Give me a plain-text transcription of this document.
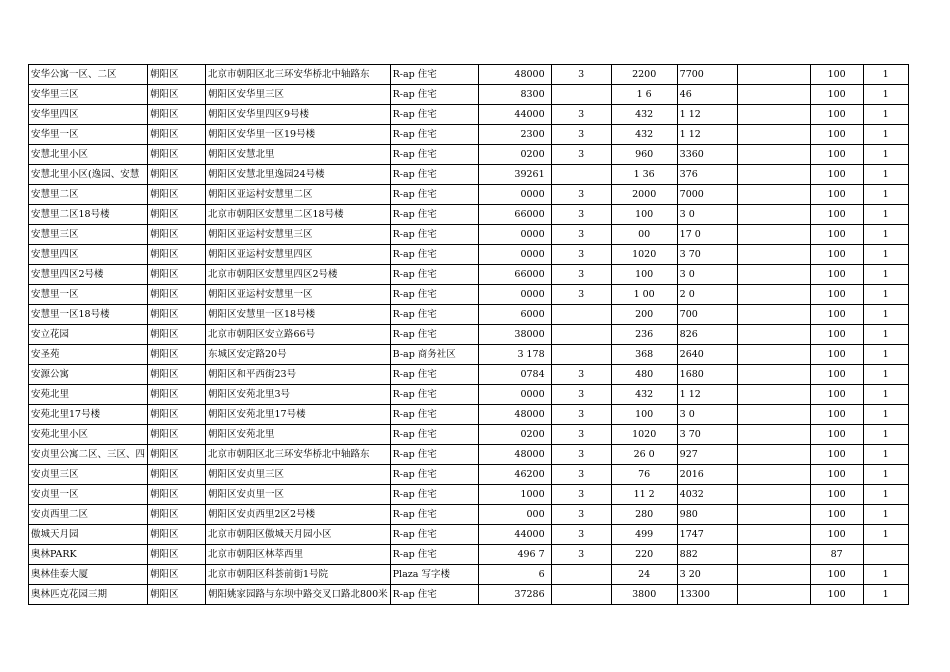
安华公寓一区、二区	朝阳区	北京市朝阳区北三环安华桥北中轴路东	R-ap 住宅	48000	3	2200	7700		100	1
安华里三区	朝阳区	朝阳区安华里三区	R-ap 住宅	8300		1 6	46		100	1
安华里四区	朝阳区	朝阳区安华里四区9号楼	R-ap 住宅	44000	3	432	1 12		100	1
安华里一区	朝阳区	朝阳区安华里一区19号楼	R-ap 住宅	2300	3	432	1 12		100	1
安慧北里小区	朝阳区	朝阳区安慧北里	R-ap 住宅	0200	3	960	3360		100	1
安慧北里小区(逸园、安慧	朝阳区	朝阳区安慧北里逸园24号楼	R-ap 住宅	39261		1 36	376		100	1
安慧里二区	朝阳区	朝阳区亚运村安慧里二区	R-ap 住宅	0000	3	2000	7000		100	1
安慧里二区18号楼	朝阳区	北京市朝阳区安慧里二区18号楼	R-ap 住宅	66000	3	100	3 0		100	1
安慧里三区	朝阳区	朝阳区亚运村安慧里三区	R-ap 住宅	0000	3	00	17 0		100	1
安慧里四区	朝阳区	朝阳区亚运村安慧里四区	R-ap 住宅	0000	3	1020	3 70		100	1
安慧里四区2号楼	朝阳区	北京市朝阳区安慧里四区2号楼	R-ap 住宅	66000	3	100	3 0		100	1
安慧里一区	朝阳区	朝阳区亚运村安慧里一区	R-ap 住宅	0000	3	1 00	2 0		100	1
安慧里一区18号楼	朝阳区	朝阳区安慧里一区18号楼	R-ap 住宅	6000		200	700		100	1
安立花园	朝阳区	北京市朝阳区安立路66号	R-ap 住宅	38000		236	826		100	1
安圣苑	朝阳区	东城区安定路20号	B-ap 商务社区	3 178		368	2640		100	1
安源公寓	朝阳区	朝阳区和平西街23号	R-ap 住宅	0784	3	480	1680		100	1
安苑北里	朝阳区	朝阳区安苑北里3号	R-ap 住宅	0000	3	432	1 12		100	1
安苑北里17号楼	朝阳区	朝阳区安苑北里17号楼	R-ap 住宅	48000	3	100	3 0		100	1
安苑北里小区	朝阳区	朝阳区安苑北里	R-ap 住宅	0200	3	1020	3 70		100	1
安贞里公寓二区、三区、四	朝阳区	北京市朝阳区北三环安华桥北中轴路东	R-ap 住宅	48000	3	26 0	927		100	1
安贞里三区	朝阳区	朝阳区安贞里三区	R-ap 住宅	46200	3	76	2016		100	1
安贞里一区	朝阳区	朝阳区安贞里一区	R-ap 住宅	1000	3	11 2	4032		100	1
安贞西里二区	朝阳区	朝阳区安贞西里2区2号楼	R-ap 住宅	000	3	280	980		100	1
傲城天月园	朝阳区	北京市朝阳区傲城天月园小区	R-ap 住宅	44000	3	499	1747		100	1
奥林PARK	朝阳区	北京市朝阳区林萃西里	R-ap 住宅	496 7	3	220	882		87	
奥林佳泰大厦	朝阳区	北京市朝阳区科荟前街1号院	Plaza 写字楼	6		24	3 20		100	1
奥林匹克花园三期	朝阳区	朝阳姚家园路与东坝中路交叉口路北800米	R-ap 住宅	37286		3800	13300		100	1
